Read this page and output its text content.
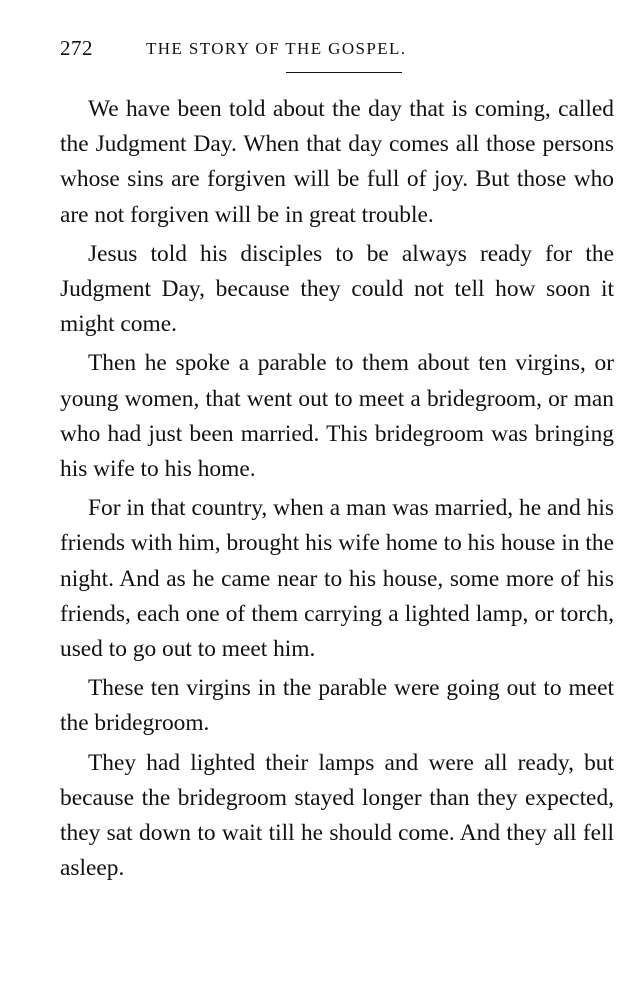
272	THE STORY OF THE GOSPEL.

We have been told about the day that is coming, called the Judgment Day. When that day comes all those persons whose sins are forgiven will be full of joy. But those who are not forgiven will be in great trouble.

Jesus told his disciples to be always ready for the Judgment Day, because they could not tell how soon it might come.

Then he spoke a parable to them about ten virgins, or young women, that went out to meet a bridegroom, or man who had just been married. This bridegroom was bringing his wife to his home.

For in that country, when a man was married, he and his friends with him, brought his wife home to his house in the night. And as he came near to his house, some more of his friends, each one of them carrying a lighted lamp, or torch, used to go out to meet him.

These ten virgins in the parable were going out to meet the bridegroom.

They had lighted their lamps and were all ready, but because the bridegroom stayed longer than they expected, they sat down to wait till he should come. And they all fell asleep.
